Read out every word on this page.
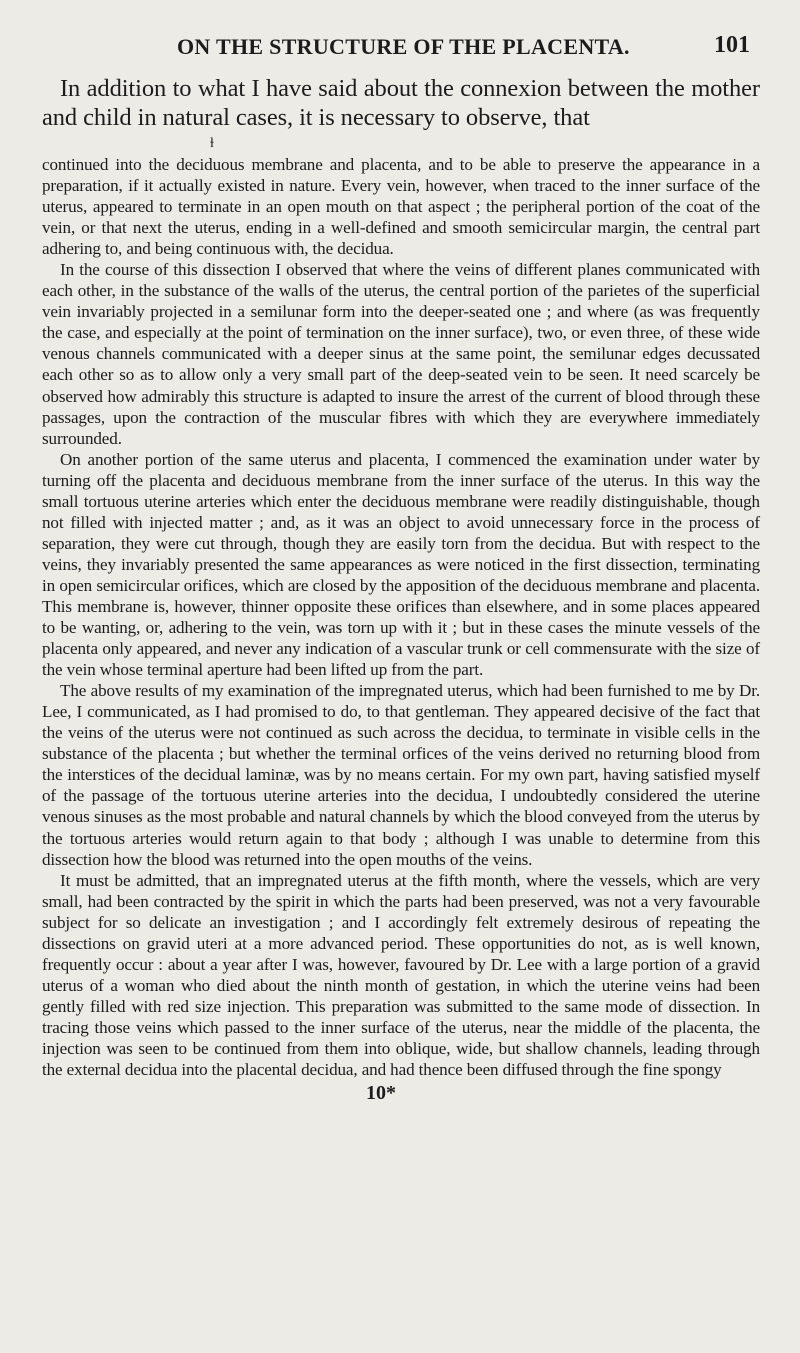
ON THE STRUCTURE OF THE PLACENTA.	101

In addition to what I have said about the connexion between the mother and child in natural cases, it is necessary to observe, that

ɫ

continued into the deciduous membrane and placenta, and to be able to preserve the appearance in a preparation, if it actually existed in nature. Every vein, however, when traced to the inner surface of the uterus, appeared to terminate in an open mouth on that aspect ; the peripheral portion of the coat of the vein, or that next the uterus, ending in a well-defined and smooth semicircular margin, the central part adhering to, and being continuous with, the decidua.

In the course of this dissection I observed that where the veins of different planes communicated with each other, in the substance of the walls of the uterus, the central portion of the parietes of the superficial vein invariably projected in a semilunar form into the deeper-seated one ; and where (as was frequently the case, and especially at the point of termination on the inner surface), two, or even three, of these wide venous channels communicated with a deeper sinus at the same point, the semilunar edges decussated each other so as to allow only a very small part of the deep-seated vein to be seen. It need scarcely be observed how admirably this structure is adapted to insure the arrest of the current of blood through these passages, upon the contraction of the muscular fibres with which they are everywhere immediately surrounded.

On another portion of the same uterus and placenta, I commenced the examination under water by turning off the placenta and deciduous membrane from the inner surface of the uterus. In this way the small tortuous uterine arteries which enter the deciduous membrane were readily distinguishable, though not filled with injected matter ; and, as it was an object to avoid unnecessary force in the process of separation, they were cut through, though they are easily torn from the decidua. But with respect to the veins, they invariably presented the same appearances as were noticed in the first dissection, terminating in open semicircular orifices, which are closed by the apposition of the deciduous membrane and placenta. This membrane is, however, thinner opposite these orifices than elsewhere, and in some places appeared to be wanting, or, adhering to the vein, was torn up with it ; but in these cases the minute vessels of the placenta only appeared, and never any indication of a vascular trunk or cell commensurate with the size of the vein whose terminal aperture had been lifted up from the part.

The above results of my examination of the impregnated uterus, which had been furnished to me by Dr. Lee, I communicated, as I had promised to do, to that gentleman. They appeared decisive of the fact that the veins of the uterus were not continued as such across the decidua, to terminate in visible cells in the substance of the placenta ; but whether the terminal orfices of the veins derived no returning blood from the interstices of the decidual laminæ, was by no means certain. For my own part, having satisfied myself of the passage of the tortuous uterine arteries into the decidua, I undoubtedly considered the uterine venous sinuses as the most probable and natural channels by which the blood conveyed from the uterus by the tortuous arteries would return again to that body ; although I was unable to determine from this dissection how the blood was returned into the open mouths of the veins.

It must be admitted, that an impregnated uterus at the fifth month, where the vessels, which are very small, had been contracted by the spirit in which the parts had been preserved, was not a very favourable subject for so delicate an investigation ; and I accordingly felt extremely desirous of repeating the dissections on gravid uteri at a more advanced period. These opportunities do not, as is well known, frequently occur : about a year after I was, however, favoured by Dr. Lee with a large portion of a gravid uterus of a woman who died about the ninth month of gestation, in which the uterine veins had been gently filled with red size injection. This preparation was submitted to the same mode of dissection. In tracing those veins which passed to the inner surface of the uterus, near the middle of the placenta, the injection was seen to be continued from them into oblique, wide, but shallow channels, leading through the external decidua into the placental decidua, and had thence been diffused through the fine spongy

10*
